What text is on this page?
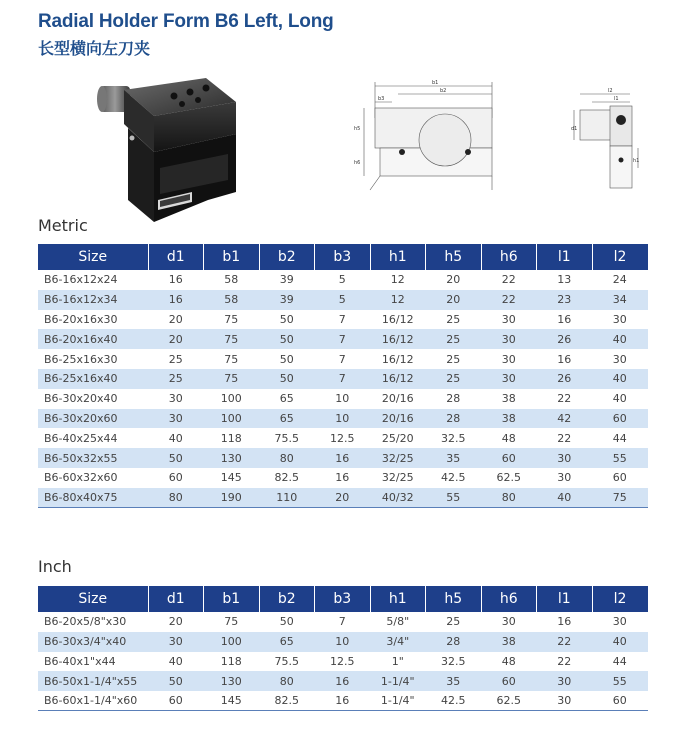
Radial Holder Form B6 Left, Long
长型横向左刀夹
b1
b2
b3
h5
h6
l2
l1
d1
h1
Metric
Size	d1	b1	b2	b3	h1	h5	h6	l1	l2
B6-16x12x24	16	58	39	5	12	20	22	13	24
B6-16x12x34	16	58	39	5	12	20	22	23	34
B6-20x16x30	20	75	50	7	16/12	25	30	16	30
B6-20x16x40	20	75	50	7	16/12	25	30	26	40
B6-25x16x30	25	75	50	7	16/12	25	30	16	30
B6-25x16x40	25	75	50	7	16/12	25	30	26	40
B6-30x20x40	30	100	65	10	20/16	28	38	22	40
B6-30x20x60	30	100	65	10	20/16	28	38	42	60
B6-40x25x44	40	118	75.5	12.5	25/20	32.5	48	22	44
B6-50x32x55	50	130	80	16	32/25	35	60	30	55
B6-60x32x60	60	145	82.5	16	32/25	42.5	62.5	30	60
B6-80x40x75	80	190	110	20	40/32	55	80	40	75
Inch
Size	d1	b1	b2	b3	h1	h5	h6	l1	l2
B6-20x5/8"x30	20	75	50	7	5/8"	25	30	16	30
B6-30x3/4"x40	30	100	65	10	3/4"	28	38	22	40
B6-40x1"x44	40	118	75.5	12.5	1"	32.5	48	22	44
B6-50x1-1/4"x55	50	130	80	16	1-1/4"	35	60	30	55
B6-60x1-1/4"x60	60	145	82.5	16	1-1/4"	42.5	62.5	30	60
